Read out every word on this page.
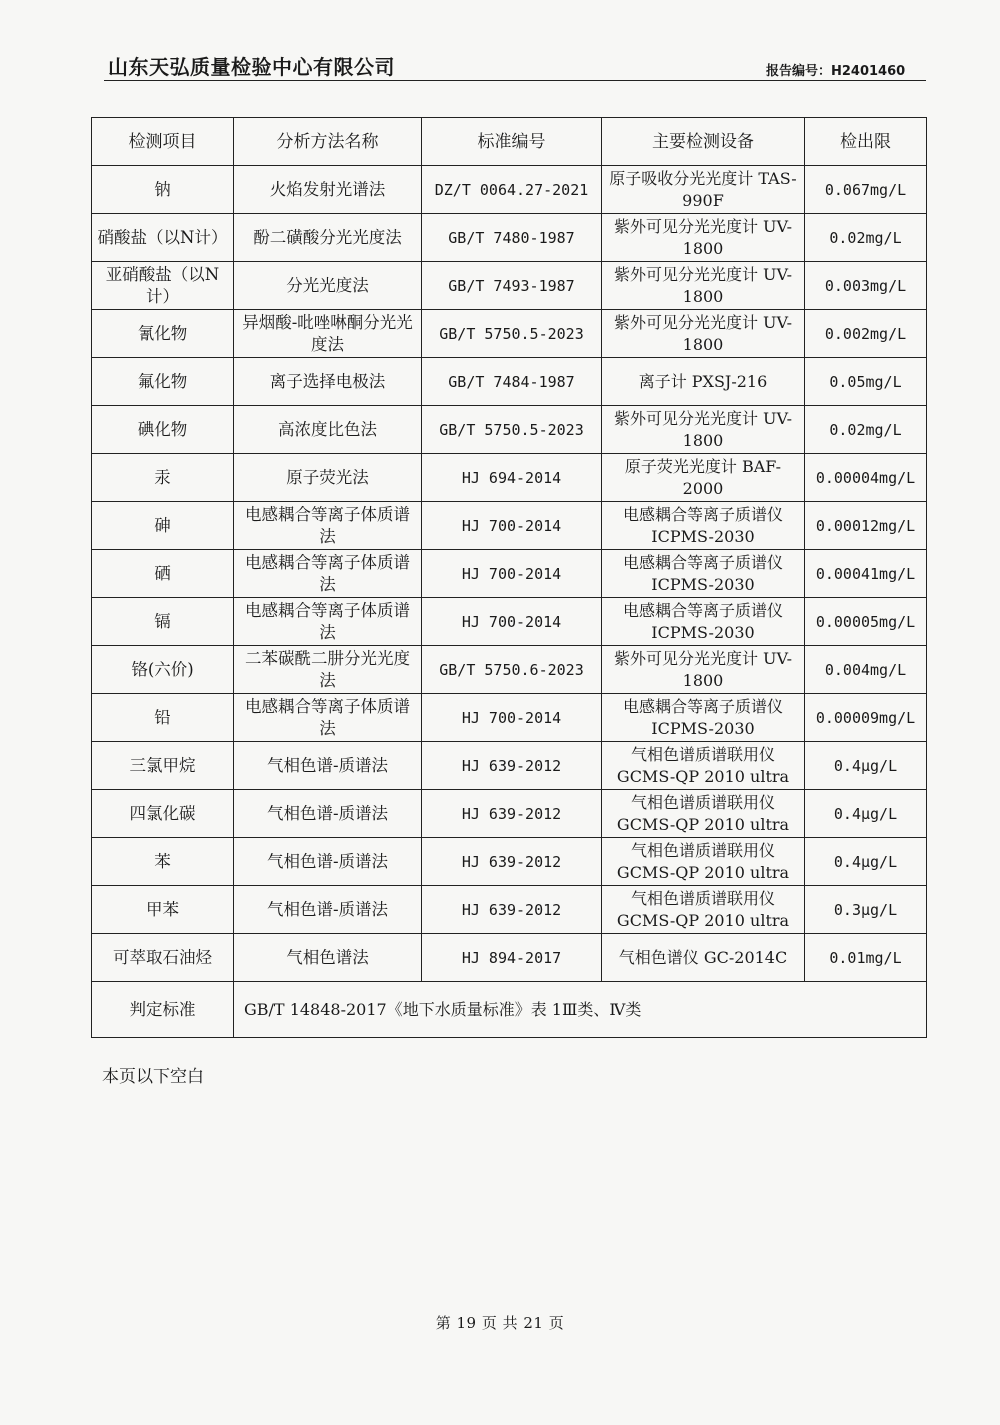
山东天弘质量检验中心有限公司	报告编号：H2401460
检测项目	分析方法名称	标准编号	主要检测设备	检出限
钠	火焰发射光谱法	DZ/T 0064.27-2021	原子吸收分光光度计 TAS-990F	0.067mg/L
硝酸盐（以N计）	酚二磺酸分光光度法	GB/T 7480-1987	紫外可见分光光度计 UV-1800	0.02mg/L
亚硝酸盐（以N计）	分光光度法	GB/T 7493-1987	紫外可见分光光度计 UV-1800	0.003mg/L
氰化物	异烟酸-吡唑啉酮分光光度法	GB/T 5750.5-2023	紫外可见分光光度计 UV-1800	0.002mg/L
氟化物	离子选择电极法	GB/T 7484-1987	离子计 PXSJ-216	0.05mg/L
碘化物	高浓度比色法	GB/T 5750.5-2023	紫外可见分光光度计 UV-1800	0.02mg/L
汞	原子荧光法	HJ 694-2014	原子荧光光度计 BAF-2000	0.00004mg/L
砷	电感耦合等离子体质谱法	HJ 700-2014	电感耦合等离子质谱仪 ICPMS-2030	0.00012mg/L
硒	电感耦合等离子体质谱法	HJ 700-2014	电感耦合等离子质谱仪 ICPMS-2030	0.00041mg/L
镉	电感耦合等离子体质谱法	HJ 700-2014	电感耦合等离子质谱仪 ICPMS-2030	0.00005mg/L
铬(六价)	二苯碳酰二肼分光光度法	GB/T 5750.6-2023	紫外可见分光光度计 UV-1800	0.004mg/L
铅	电感耦合等离子体质谱法	HJ 700-2014	电感耦合等离子质谱仪 ICPMS-2030	0.00009mg/L
三氯甲烷	气相色谱-质谱法	HJ 639-2012	气相色谱质谱联用仪 GCMS-QP 2010 ultra	0.4μg/L
四氯化碳	气相色谱-质谱法	HJ 639-2012	气相色谱质谱联用仪 GCMS-QP 2010 ultra	0.4μg/L
苯	气相色谱-质谱法	HJ 639-2012	气相色谱质谱联用仪 GCMS-QP 2010 ultra	0.4μg/L
甲苯	气相色谱-质谱法	HJ 639-2012	气相色谱质谱联用仪 GCMS-QP 2010 ultra	0.3μg/L
可萃取石油烃	气相色谱法	HJ 894-2017	气相色谱仪 GC-2014C	0.01mg/L
判定标准	GB/T 14848-2017《地下水质量标准》表 1Ⅲ类、Ⅳ类			
本页以下空白
第 19 页 共 21 页
